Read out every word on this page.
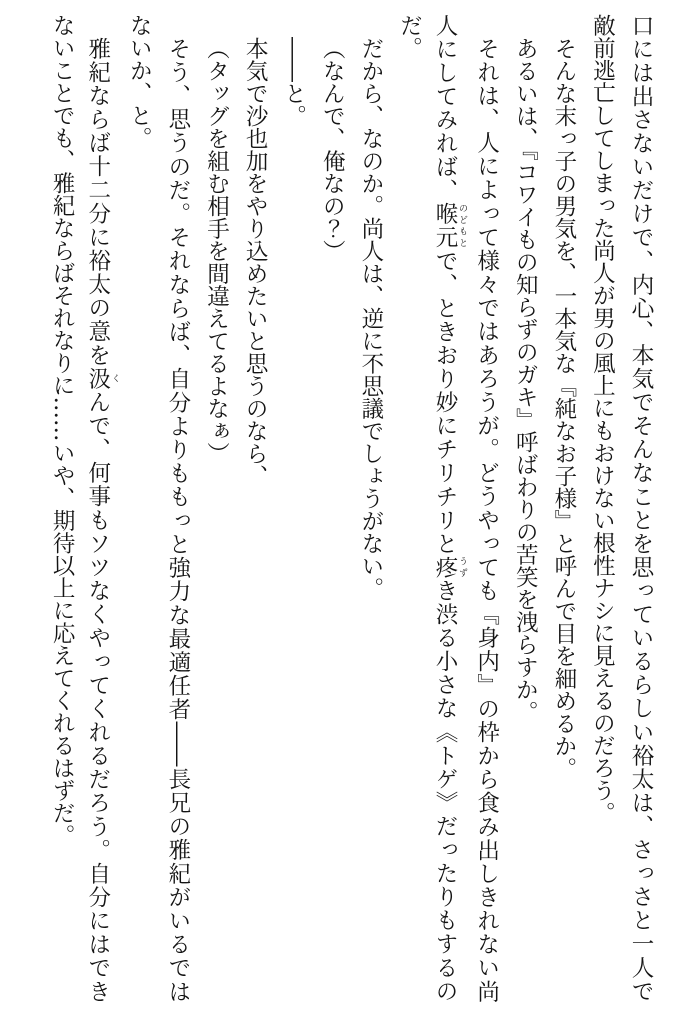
口には出さないだけで、内心、本気でそんなことを思っているらしい裕太は、さっさと一人で

敵前逃亡してしまった尚人が男の風上にもおけない根性ナシに見えるのだろう。

そんな末っ子の男気を、一本気な『純なお子様』と呼んで目を細めるか。

あるいは、『コワイもの知らずのガキ』呼ばわりの苦笑を洩らすか。

それは、人によって様々ではあろうが。どうやっても『身内』の枠から食み出しきれない尚

人にしてみれば、喉元 のどもとで、ときおり妙にチリチリと疼 うずき渋る小さな《トゲ》だったりもするの

だ。

だから、なのか。尚人は、逆に不思議でしょうがない。

（なんで、俺なの？）

――と。

本気で沙也加をやり込めたいと思うのなら、

（タッグを組む相手を間違えてるよなぁ）

そう、思うのだ。それならば、自分よりももっと強力な最適任者――長兄の雅紀がいるでは

ないか、と。

雅紀ならば十二分に裕太の意を汲 くんで、何事もソツなくやってくれるだろう。自分にはでき

ないことでも、雅紀ならばそれなりに……いや、期待以上に応えてくれるはずだ。
